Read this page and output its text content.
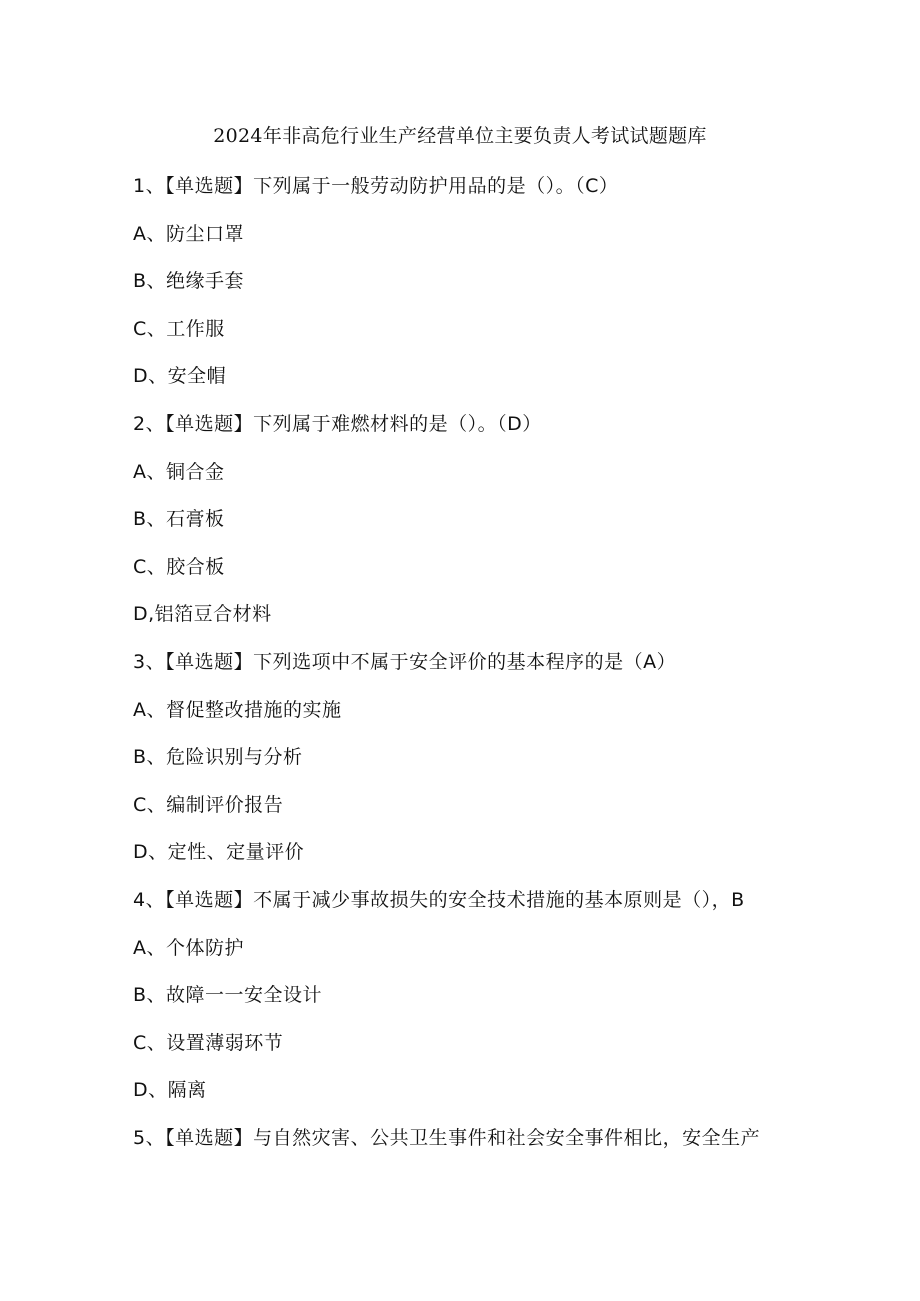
2024年非高危行业生产经营单位主要负责人考试试题题库
1、【单选题】下列属于一般劳动防护用品的是（）。（C）
A、防尘口罩
B、绝缘手套
C、工作服
D、安全帽
2、【单选题】下列属于难燃材料的是（）。（D）
A、铜合金
B、石膏板
C、胶合板
D,铝箔豆合材料
3、【单选题】下列选项中不属于安全评价的基本程序的是（A）
A、督促整改措施的实施
B、危险识别与分析
C、编制评价报告
D、定性、定量评价
4、【单选题】不属于减少事故损失的安全技术措施的基本原则是（），B
A、个体防护
B、故障一一安全设计
C、设置薄弱环节
D、隔离
5、【单选题】与自然灾害、公共卫生事件和社会安全事件相比，安全生产
